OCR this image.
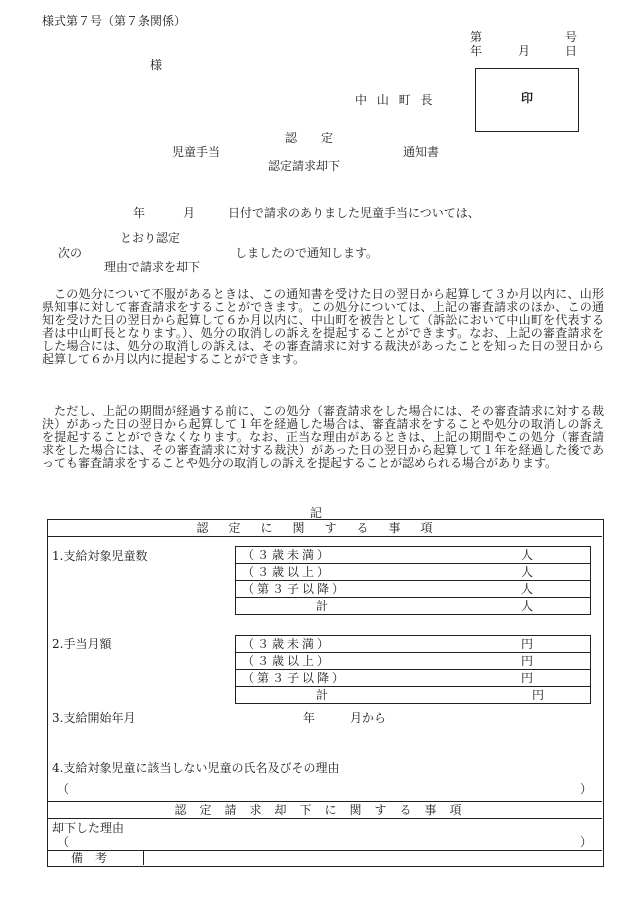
様式第７号（第７条関係）
第	号
年	月	日
様
中 山 町 長	印
認　　定
児童手当	通知書
認定請求却下
年	月	日付で請求のありました児童手当については、
とおり認定
次の	しましたので通知します。
理由で請求を却下

この処分について不服があるときは、この通知書を受けた日の翌日から起算して３か月以内に、山形県知事に対して審査請求をすることができます。この処分については、上記の審査請求のほか、この通知を受けた日の翌日から起算して６か月以内に、中山町を被告として（訴訟において中山町を代表する者は中山町長となります。）、処分の取消しの訴えを提起することができます。なお、上記の審査請求をした場合には、処分の取消しの訴えは、その審査請求に対する裁決があったことを知った日の翌日から起算して６か月以内に提起することができます。

ただし、上記の期間が経過する前に、この処分（審査請求をした場合には、その審査請求に対する裁決）があった日の翌日から起算して１年を経過した場合は、審査請求をすることや処分の取消しの訴えを提起することができなくなります。なお、正当な理由があるときは、上記の期間やこの処分（審査請求をした場合には、その審査請求に対する裁決）があった日の翌日から起算して１年を経過した後であっても審査請求をすることや処分の取消しの訴えを提起することが認められる場合があります。

記
認定に関する事項
1.支給対象児童数	（３歳未満）	人
（３歳以上）	人
（第３子以降）	人
計	人
2.手当月額	（３歳未満）	円
（３歳以上）	円
（第３子以降）	円
計	円
3.支給開始年月	年	月から
4.支給対象児童に該当しない児童の氏名及びその理由
（	）
認定請求却下に関する事項
却下した理由
（	）
備考
